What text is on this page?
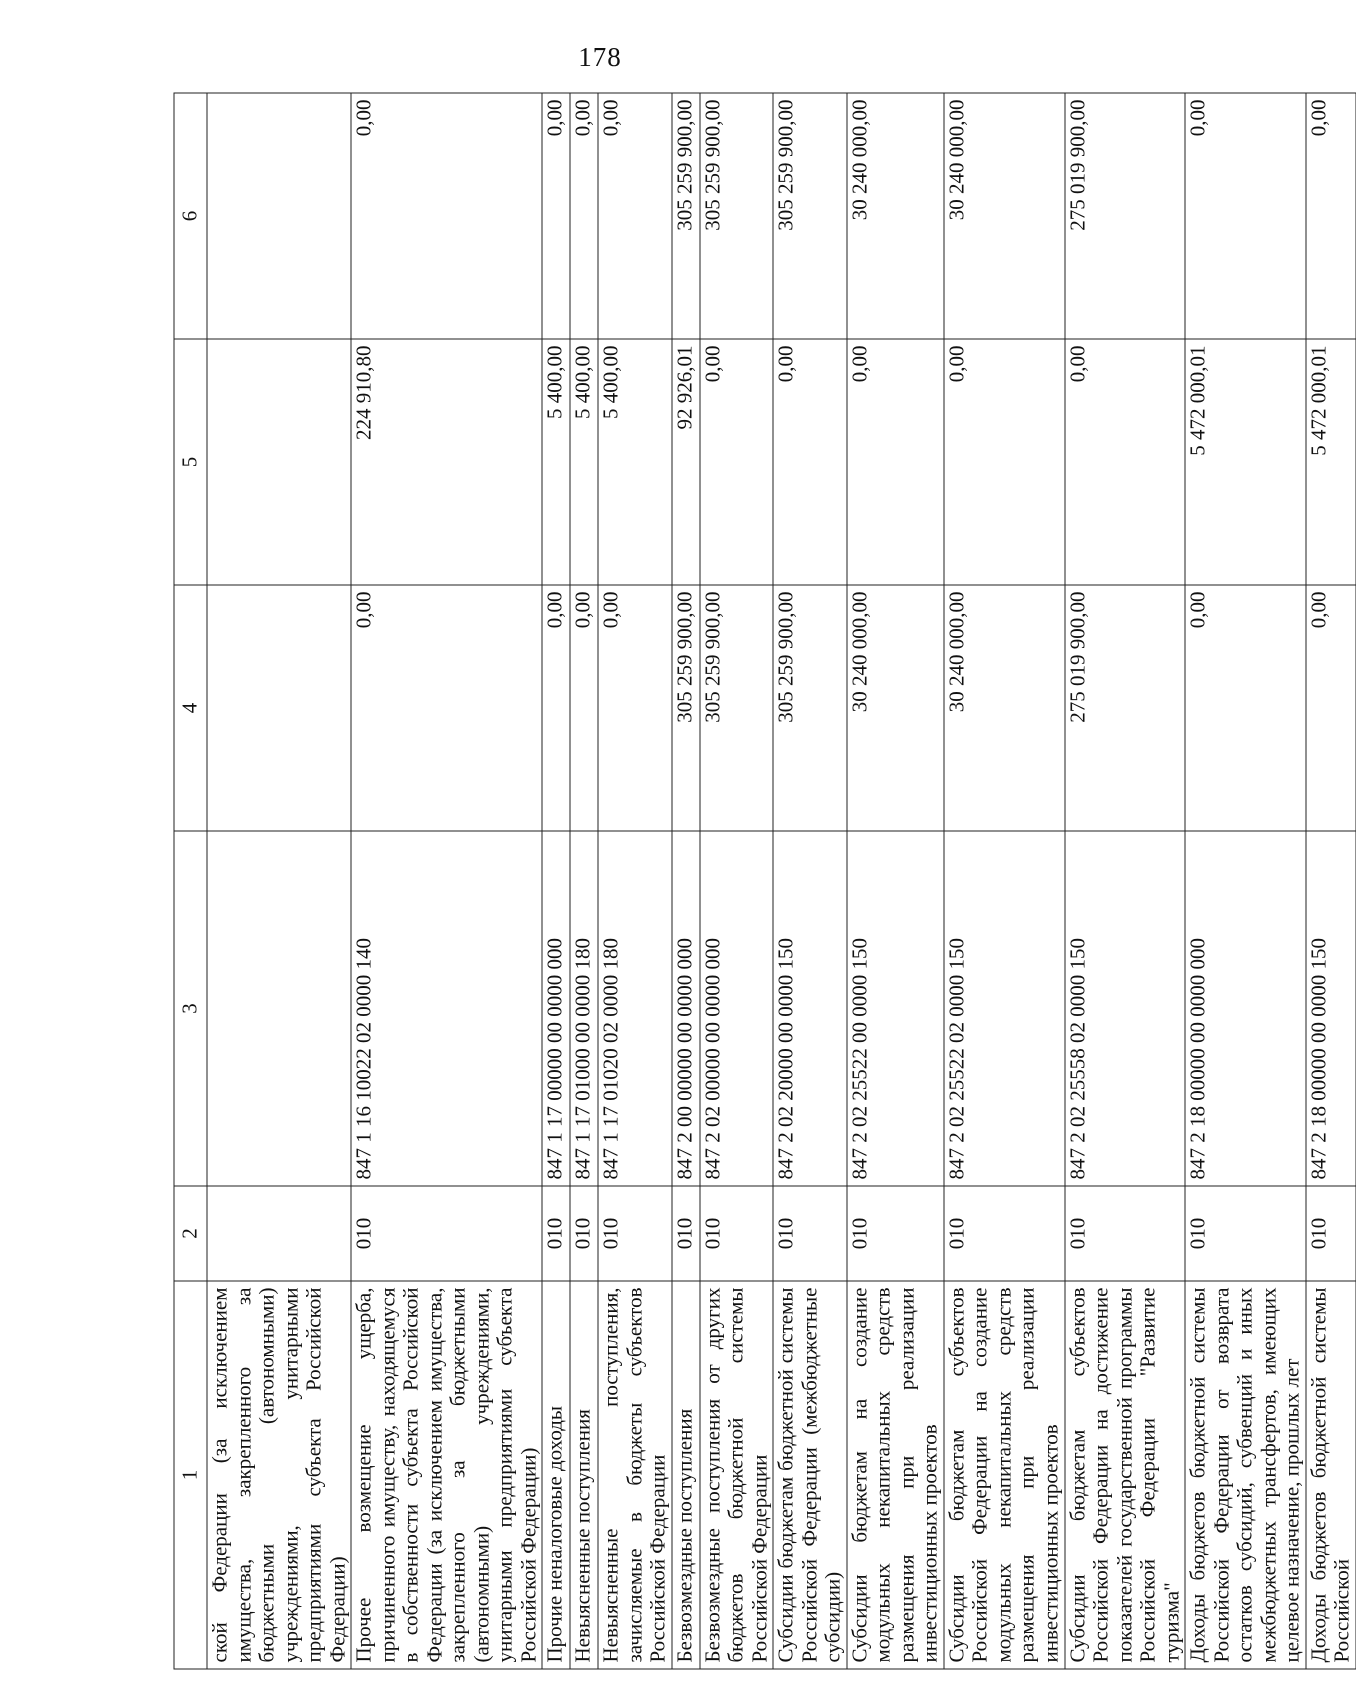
178
1	2	3	4	5	6
ской Федерации (за исключением имущества, закрепленного за бюджетными (автономными) учреждениями, унитарными предприятиями субъекта Российской Федерации)					
Прочее возмещение ущерба, причиненного имуществу, находящемуся в собственности субъекта Российской Федерации (за исключением имущества, закрепленного за бюджетными (автономными) учреждениями, унитарными предприятиями субъекта Российской Федерации)	010	847 1 16 10022 02 0000 140	0,00	224 910,80	0,00
Прочие неналоговые доходы	010	847 1 17 00000 00 0000 000	0,00	5 400,00	0,00
Невыясненные поступления	010	847 1 17 01000 00 0000 180	0,00	5 400,00	0,00
Невыясненные поступления, зачисляемые в бюджеты субъектов Российской Федерации	010	847 1 17 01020 02 0000 180	0,00	5 400,00	0,00
Безвозмездные поступления	010	847 2 00 00000 00 0000 000	305 259 900,00	92 926,01	305 259 900,00
Безвозмездные поступления от других бюджетов бюджетной системы Российской Федерации	010	847 2 02 00000 00 0000 000	305 259 900,00	0,00	305 259 900,00
Субсидии бюджетам бюджетной системы Российской Федерации (межбюджетные субсидии)	010	847 2 02 20000 00 0000 150	305 259 900,00	0,00	305 259 900,00
Субсидии бюджетам на создание модульных некапитальных средств размещения при реализации инвестиционных проектов	010	847 2 02 25522 00 0000 150	30 240 000,00	0,00	30 240 000,00
Субсидии бюджетам субъектов Российской Федерации на создание модульных некапитальных средств размещения при реализации инвестиционных проектов	010	847 2 02 25522 02 0000 150	30 240 000,00	0,00	30 240 000,00
Субсидии бюджетам субъектов Российской Федерации на достижение показателей государственной программы Российской Федерации "Развитие туризма"	010	847 2 02 25558 02 0000 150	275 019 900,00	0,00	275 019 900,00
Доходы бюджетов бюджетной системы Российской Федерации от возврата остатков субсидий, субвенций и иных межбюджетных трансфертов, имеющих целевое назначение, прошлых лет	010	847 2 18 00000 00 0000 000	0,00	5 472 000,01	0,00
Доходы бюджетов бюджетной системы Российской	010	847 2 18 00000 00 0000 150	0,00	5 472 000,01	0,00
